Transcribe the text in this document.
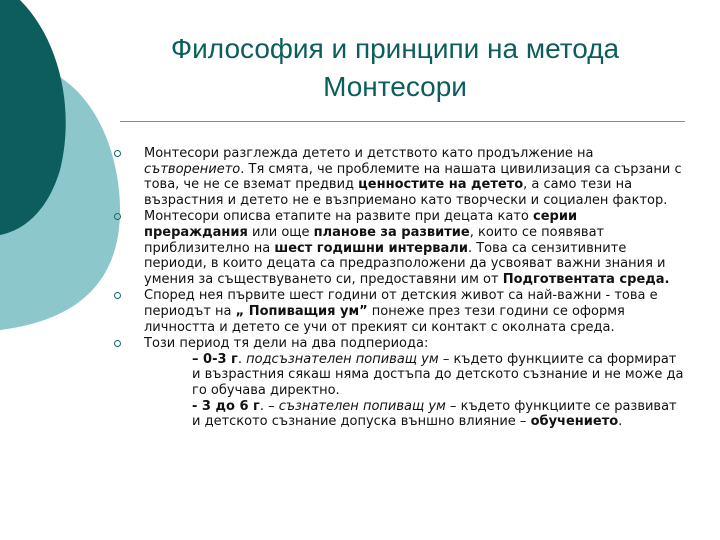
Философия и принципи на метода
Монтесори
Монтесори разглежда детето и детството като продължение на сътворението. Тя смята, че проблемите на нашата цивилизация са сързани с това, че не се вземат предвид ценностите на детето, а само тези на възрастния и детето не е възприемано като творчески и социален фактор.
Монтесори описва етапите на развите при децата като серии прераждания или още планове за развитие, които се появяват приблизително на шест годишни интервали. Това са сензитивните периоди, в които децата са предразположени да усвояват важни знания и умения за съществуването си, предоставяни им от Подготвентата среда.
Според нея първите шест години от детския живот са най-важни - това е периодът на „ Попиващия ум” понеже през тези години се оформя личността и детето се учи от прекият си контакт с околната среда.
Този период тя дели на два подпериода:
– 0-3 г. подсъзнателен попиващ ум – където функциите са формират и възрастния сякаш няма достъпа до детското съзнание и не може да го обучава директно.
- 3 до 6 г. – съзнателен попиващ ум – където функциите се развиват и детското съзнание допуска външно влияние – обучението.
